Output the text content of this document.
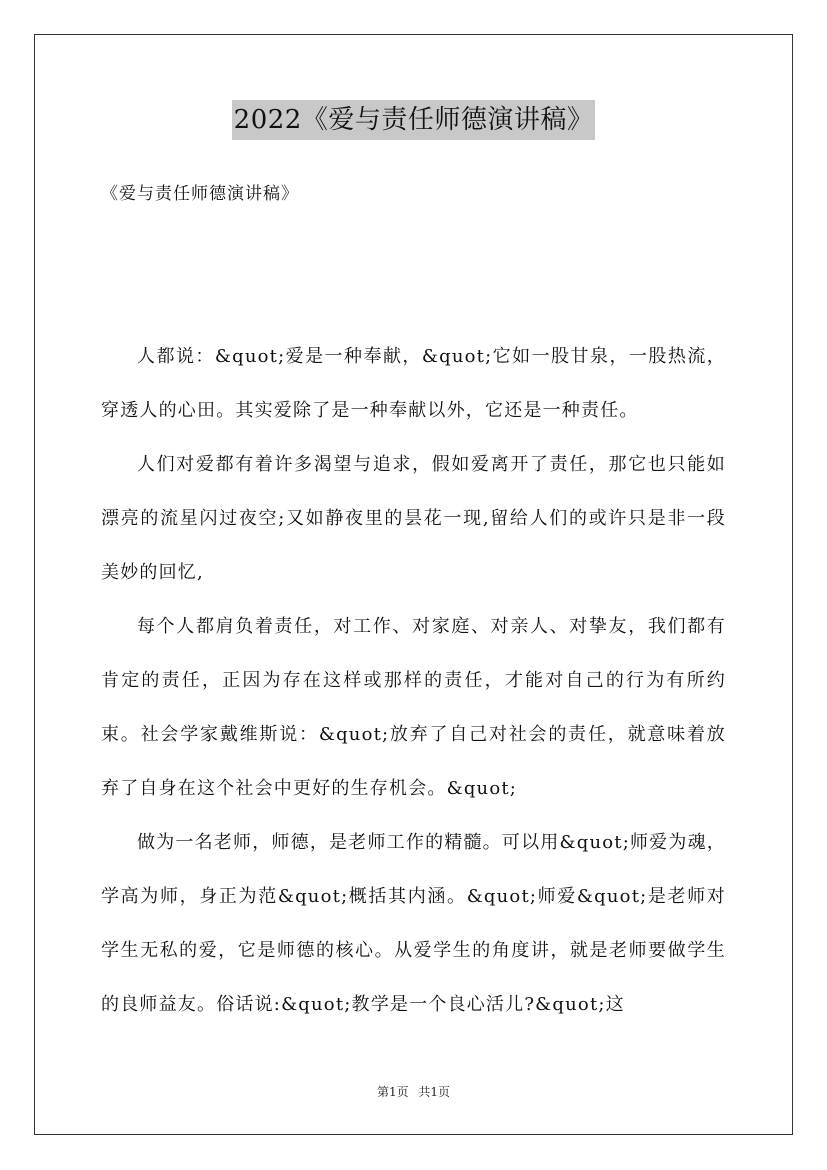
2022《爱与责任师德演讲稿》
《爱与责任师德演讲稿》

人都说：&quot;爱是一种奉献，&quot;它如一股甘泉，一股热流，穿透人的心田。其实爱除了是一种奉献以外，它还是一种责任。

人们对爱都有着许多渴望与追求，假如爱离开了责任，那它也只能如漂亮的流星闪过夜空;又如静夜里的昙花一现,留给人们的或许只是非一段美妙的回忆,

每个人都肩负着责任，对工作、对家庭、对亲人、对挚友，我们都有肯定的责任，正因为存在这样或那样的责任，才能对自己的行为有所约束。社会学家戴维斯说：&quot;放弃了自己对社会的责任，就意味着放弃了自身在这个社会中更好的生存机会。&quot;

做为一名老师，师德，是老师工作的精髓。可以用&quot;师爱为魂，学高为师，身正为范&quot;概括其内涵。&quot;师爱&quot;是老师对学生无私的爱，它是师德的核心。从爱学生的角度讲，就是老师要做学生的良师益友。俗话说:&quot;教学是一个良心活儿?&quot;这

第1页 共1页
